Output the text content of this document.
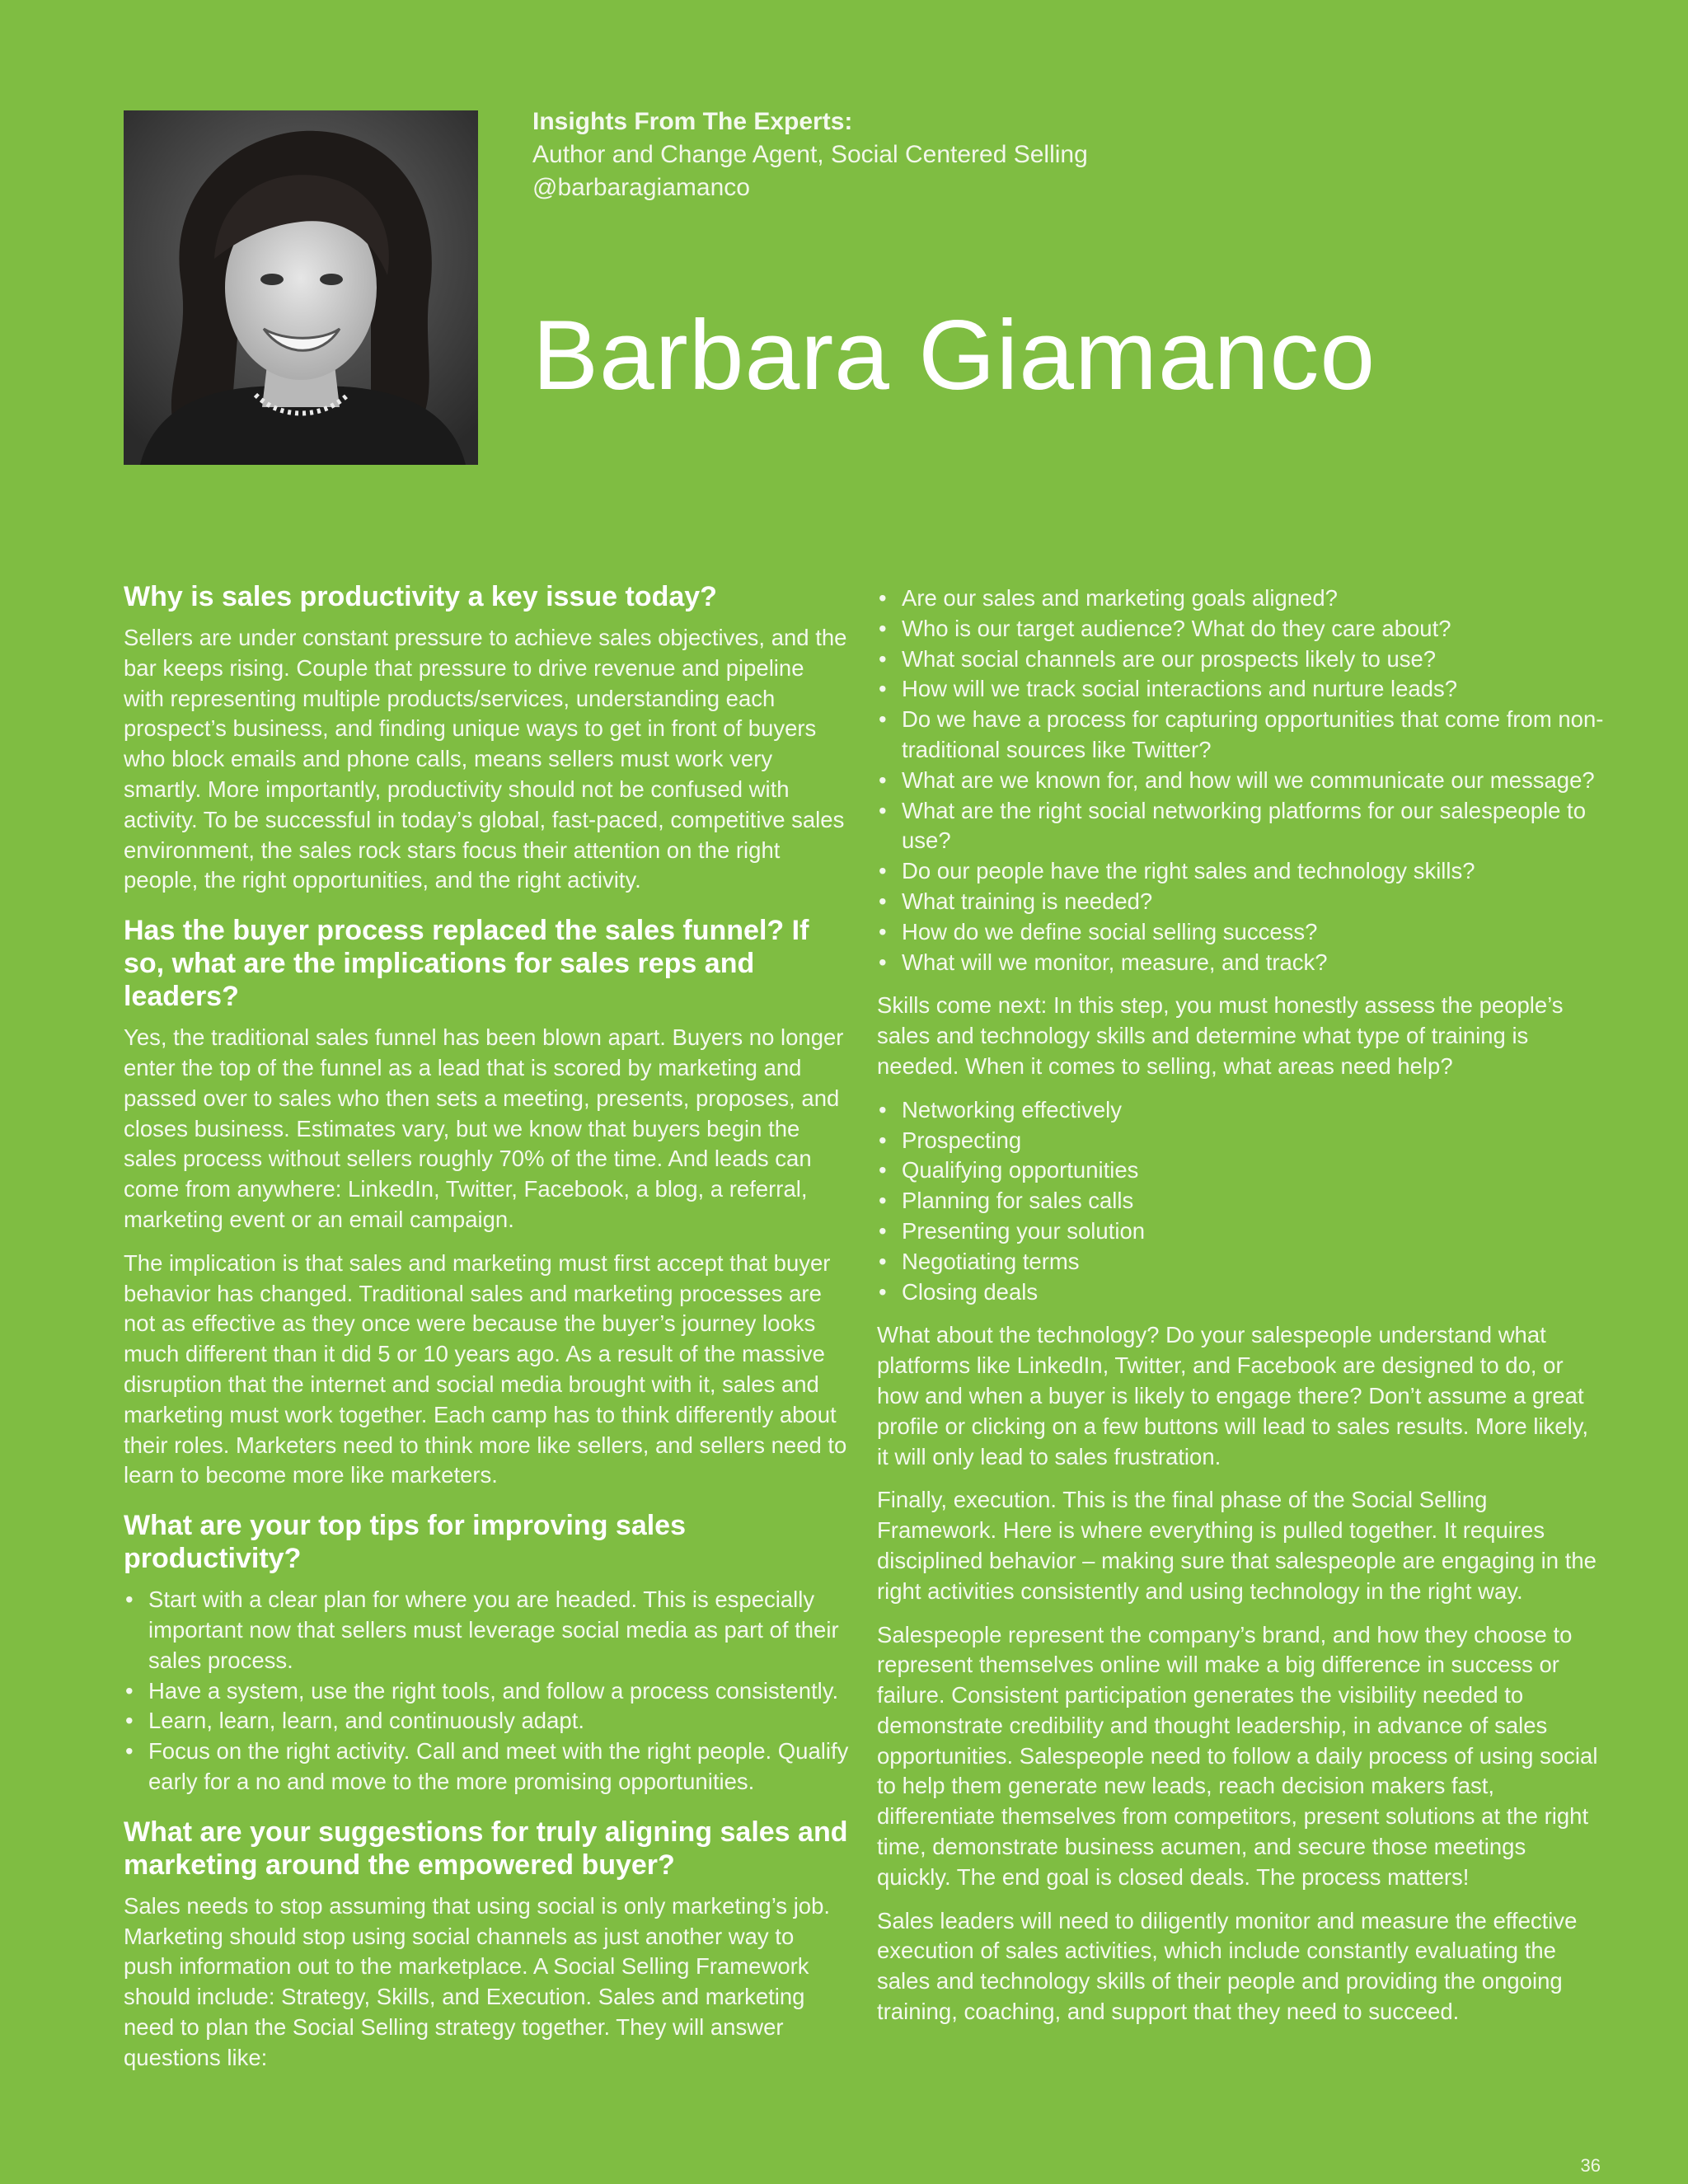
Insights From The Experts:

Author and Change Agent, Social Centered Selling

@barbaragiamanco

Barbara Giamanco
Why is sales productivity a key issue today?

Sellers are under constant pressure to achieve sales objectives, and the bar keeps rising. Couple that pressure to drive revenue and pipeline with representing multiple products/services, understanding each prospect’s business, and finding unique ways to get in front of buyers who block emails and phone calls, means sellers must work very smartly. More importantly, productivity should not be confused with activity. To be successful in today’s global, fast-paced, competitive sales environment, the sales rock stars focus their attention on the right people, the right opportunities, and the right activity.

Has the buyer process replaced the sales funnel? If so, what are the implications for sales reps and leaders?

Yes, the traditional sales funnel has been blown apart. Buyers no longer enter the top of the funnel as a lead that is scored by marketing and passed over to sales who then sets a meeting, presents, proposes, and closes business. Estimates vary, but we know that buyers begin the sales process without sellers roughly 70% of the time. And leads can come from anywhere: LinkedIn, Twitter, Facebook, a blog, a referral, marketing event or an email campaign.

The implication is that sales and marketing must first accept that buyer behavior has changed. Traditional sales and marketing processes are not as effective as they once were because the buyer’s journey looks much different than it did 5 or 10 years ago. As a result of the massive disruption that the internet and social media brought with it, sales and marketing must work together. Each camp has to think differently about their roles. Marketers need to think more like sellers, and sellers need to learn to become more like marketers.

What are your top tips for improving sales productivity?
• Start with a clear plan for where you are headed. This is especially important now that sellers must leverage social media as part of their sales process.
• Have a system, use the right tools, and follow a process consistently.
• Learn, learn, learn, and continuously adapt.
• Focus on the right activity. Call and meet with the right people. Qualify early for a no and move to the more promising opportunities.
What are your suggestions for truly aligning sales and marketing around the empowered buyer?

Sales needs to stop assuming that using social is only marketing’s job. Marketing should stop using social channels as just another way to push information out to the marketplace. A Social Selling Framework should include: Strategy, Skills, and Execution. Sales and marketing need to plan the Social Selling strategy together. They will answer questions like:

• Are our sales and marketing goals aligned?
• Who is our target audience? What do they care about?
• What social channels are our prospects likely to use?
• How will we track social interactions and nurture leads?
• Do we have a process for capturing opportunities that come from non-traditional sources like Twitter?
• What are we known for, and how will we communicate our message?
• What are the right social networking platforms for our salespeople to use?
• Do our people have the right sales and technology skills?
• What training is needed?
• How do we define social selling success?
• What will we monitor, measure, and track?

Skills come next: In this step, you must honestly assess the people’s sales and technology skills and determine what type of training is needed. When it comes to selling, what areas need help?

• Networking effectively
• Prospecting
• Qualifying opportunities
• Planning for sales calls
• Presenting your solution
• Negotiating terms
• Closing deals

What about the technology? Do your salespeople understand what platforms like LinkedIn, Twitter, and Facebook are designed to do, or how and when a buyer is likely to engage there? Don’t assume a great profile or clicking on a few buttons will lead to sales results. More likely, it will only lead to sales frustration.

Finally, execution. This is the final phase of the Social Selling Framework. Here is where everything is pulled together. It requires disciplined behavior – making sure that salespeople are engaging in the right activities consistently and using technology in the right way.

Salespeople represent the company’s brand, and how they choose to represent themselves online will make a big difference in success or failure. Consistent participation generates the visibility needed to demonstrate credibility and thought leadership, in advance of sales opportunities. Salespeople need to follow a daily process of using social to help them generate new leads, reach decision makers fast, differentiate themselves from competitors, present solutions at the right time, demonstrate business acumen, and secure those meetings quickly. The end goal is closed deals. The process matters!

Sales leaders will need to diligently monitor and measure the effective execution of sales activities, which include constantly evaluating the sales and technology skills of their people and providing the ongoing training, coaching, and support that they need to succeed.

36
